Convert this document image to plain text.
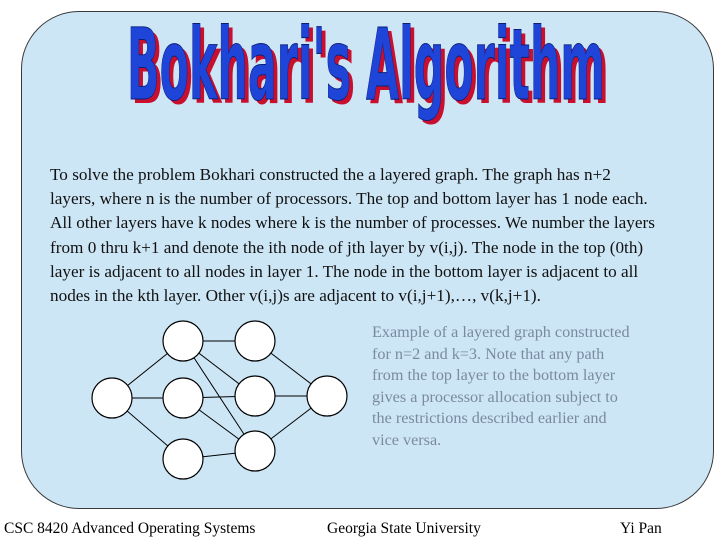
Bokhari's Algorithm
Bokhari's Algorithm

To solve the problem Bokhari constructed the a layered graph. The graph has n+2

layers, where n is the number of processors. The top and bottom layer has 1 node each.

All other layers have k nodes where k is the number of processes. We number the layers

from 0 thru k+1 and denote the ith node of jth layer by v(i,j). The node in the top (0th)

layer is adjacent to all nodes in layer 1. The node in the bottom layer is adjacent to all

nodes in the kth layer. Other v(i,j)s are adjacent to v(i,j+1),…, v(k,j+1).

Example of a layered graph constructed

for n=2 and k=3. Note that any path

from the top layer to the bottom layer

gives a processor allocation subject to

the restrictions described earlier and

vice versa.

CSC 8420 Advanced Operating Systems	Georgia State University	Yi Pan
